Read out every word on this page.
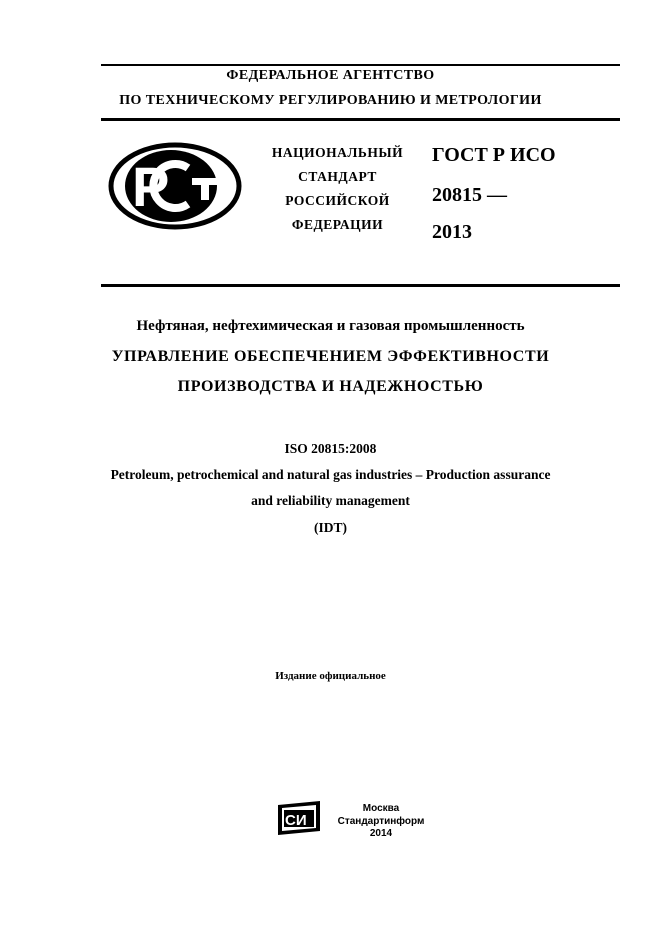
ФЕДЕРАЛЬНОЕ АГЕНТСТВО
ПО ТЕХНИЧЕСКОМУ РЕГУЛИРОВАНИЮ И МЕТРОЛОГИИ
P
НАЦИОНАЛЬНЫЙ
СТАНДАРТ
РОССИЙСКОЙ
ФЕДЕРАЦИИ
ГОСТ Р ИСО
20815 —
2013
Нефтяная, нефтехимическая и газовая промышленность
УПРАВЛЕНИЕ ОБЕСПЕЧЕНИЕМ ЭФФЕКТИВНОСТИ
ПРОИЗВОДСТВА И НАДЕЖНОСТЬЮ
ISO 20815:2008
Petroleum, petrochemical and natural gas industries – Production assurance
and reliability management
(IDT)
Издание официальное
СИ
Москва
Стандартинформ
2014
